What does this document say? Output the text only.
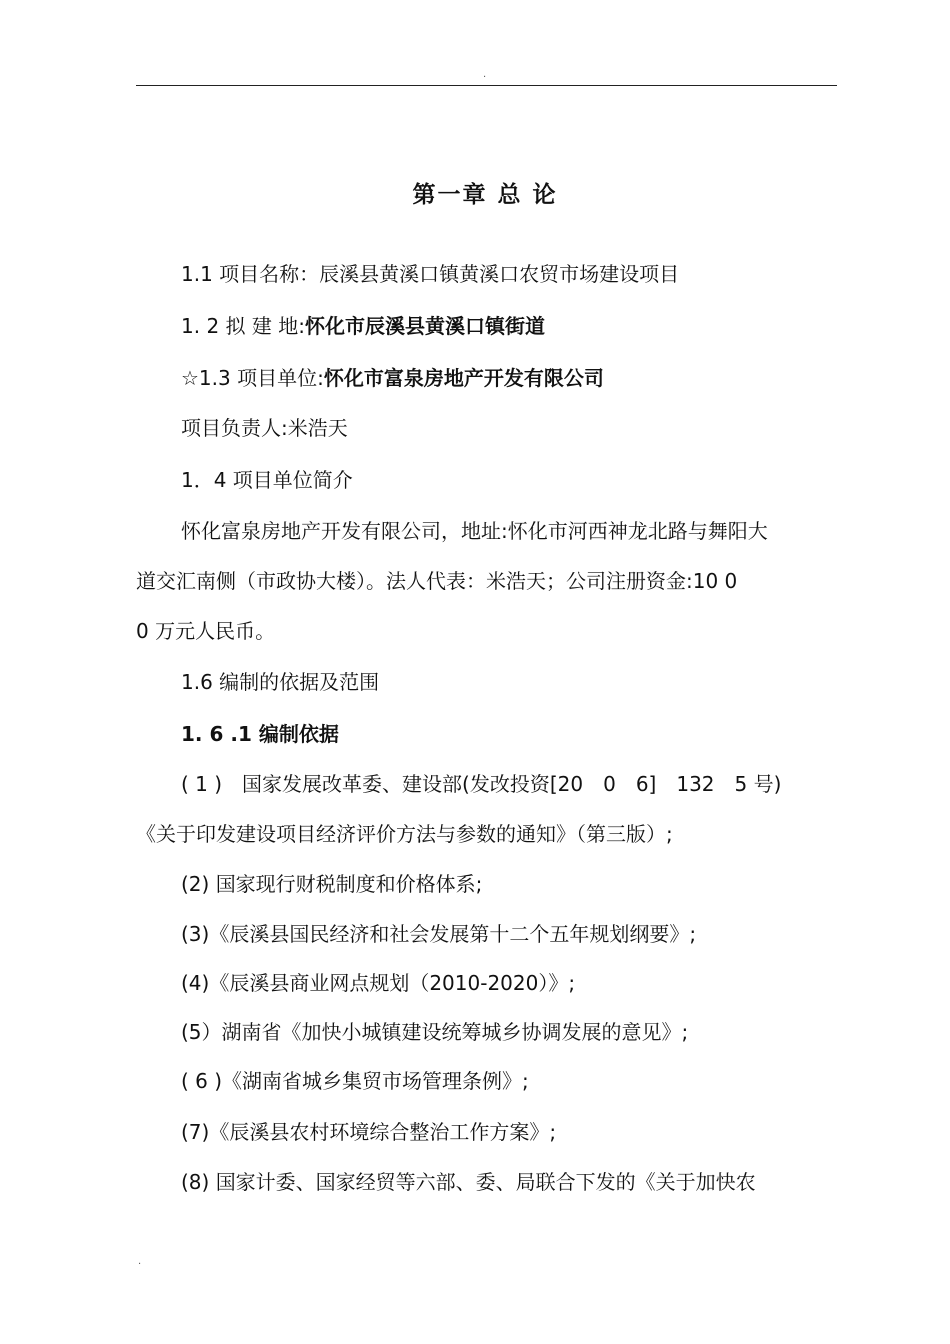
.
第一章 总 论
1.1 项目名称：辰溪县黄溪口镇黄溪口农贸市场建设项目
1. 2 拟 建 地:怀化市辰溪县黄溪口镇街道
☆1.3 项目单位:怀化市富泉房地产开发有限公司
项目负责人:米浩天
1．4 项目单位简介
怀化富泉房地产开发有限公司，地址:怀化市河西神龙北路与舞阳大
道交汇南侧（市政协大楼）。法人代表：米浩天；公司注册资金:10 0
0 万元人民币。
1.6 编制的依据及范围
1. 6 .1 编制依据
( 1 )　国家发展改革委、建设部(发改投资[20　0　6]　132　5 号)
《关于印发建设项目经济评价方法与参数的通知》（第三版）;
(2) 国家现行财税制度和价格体系;
(3)《辰溪县国民经济和社会发展第十二个五年规划纲要》;
(4)《辰溪县商业网点规划（2010-2020）》;
(5）湖南省《加快小城镇建设统筹城乡协调发展的意见》;
( 6 )《湖南省城乡集贸市场管理条例》;
(7)《辰溪县农村环境综合整治工作方案》;
(8) 国家计委、国家经贸等六部、委、局联合下发的《关于加快农
.
